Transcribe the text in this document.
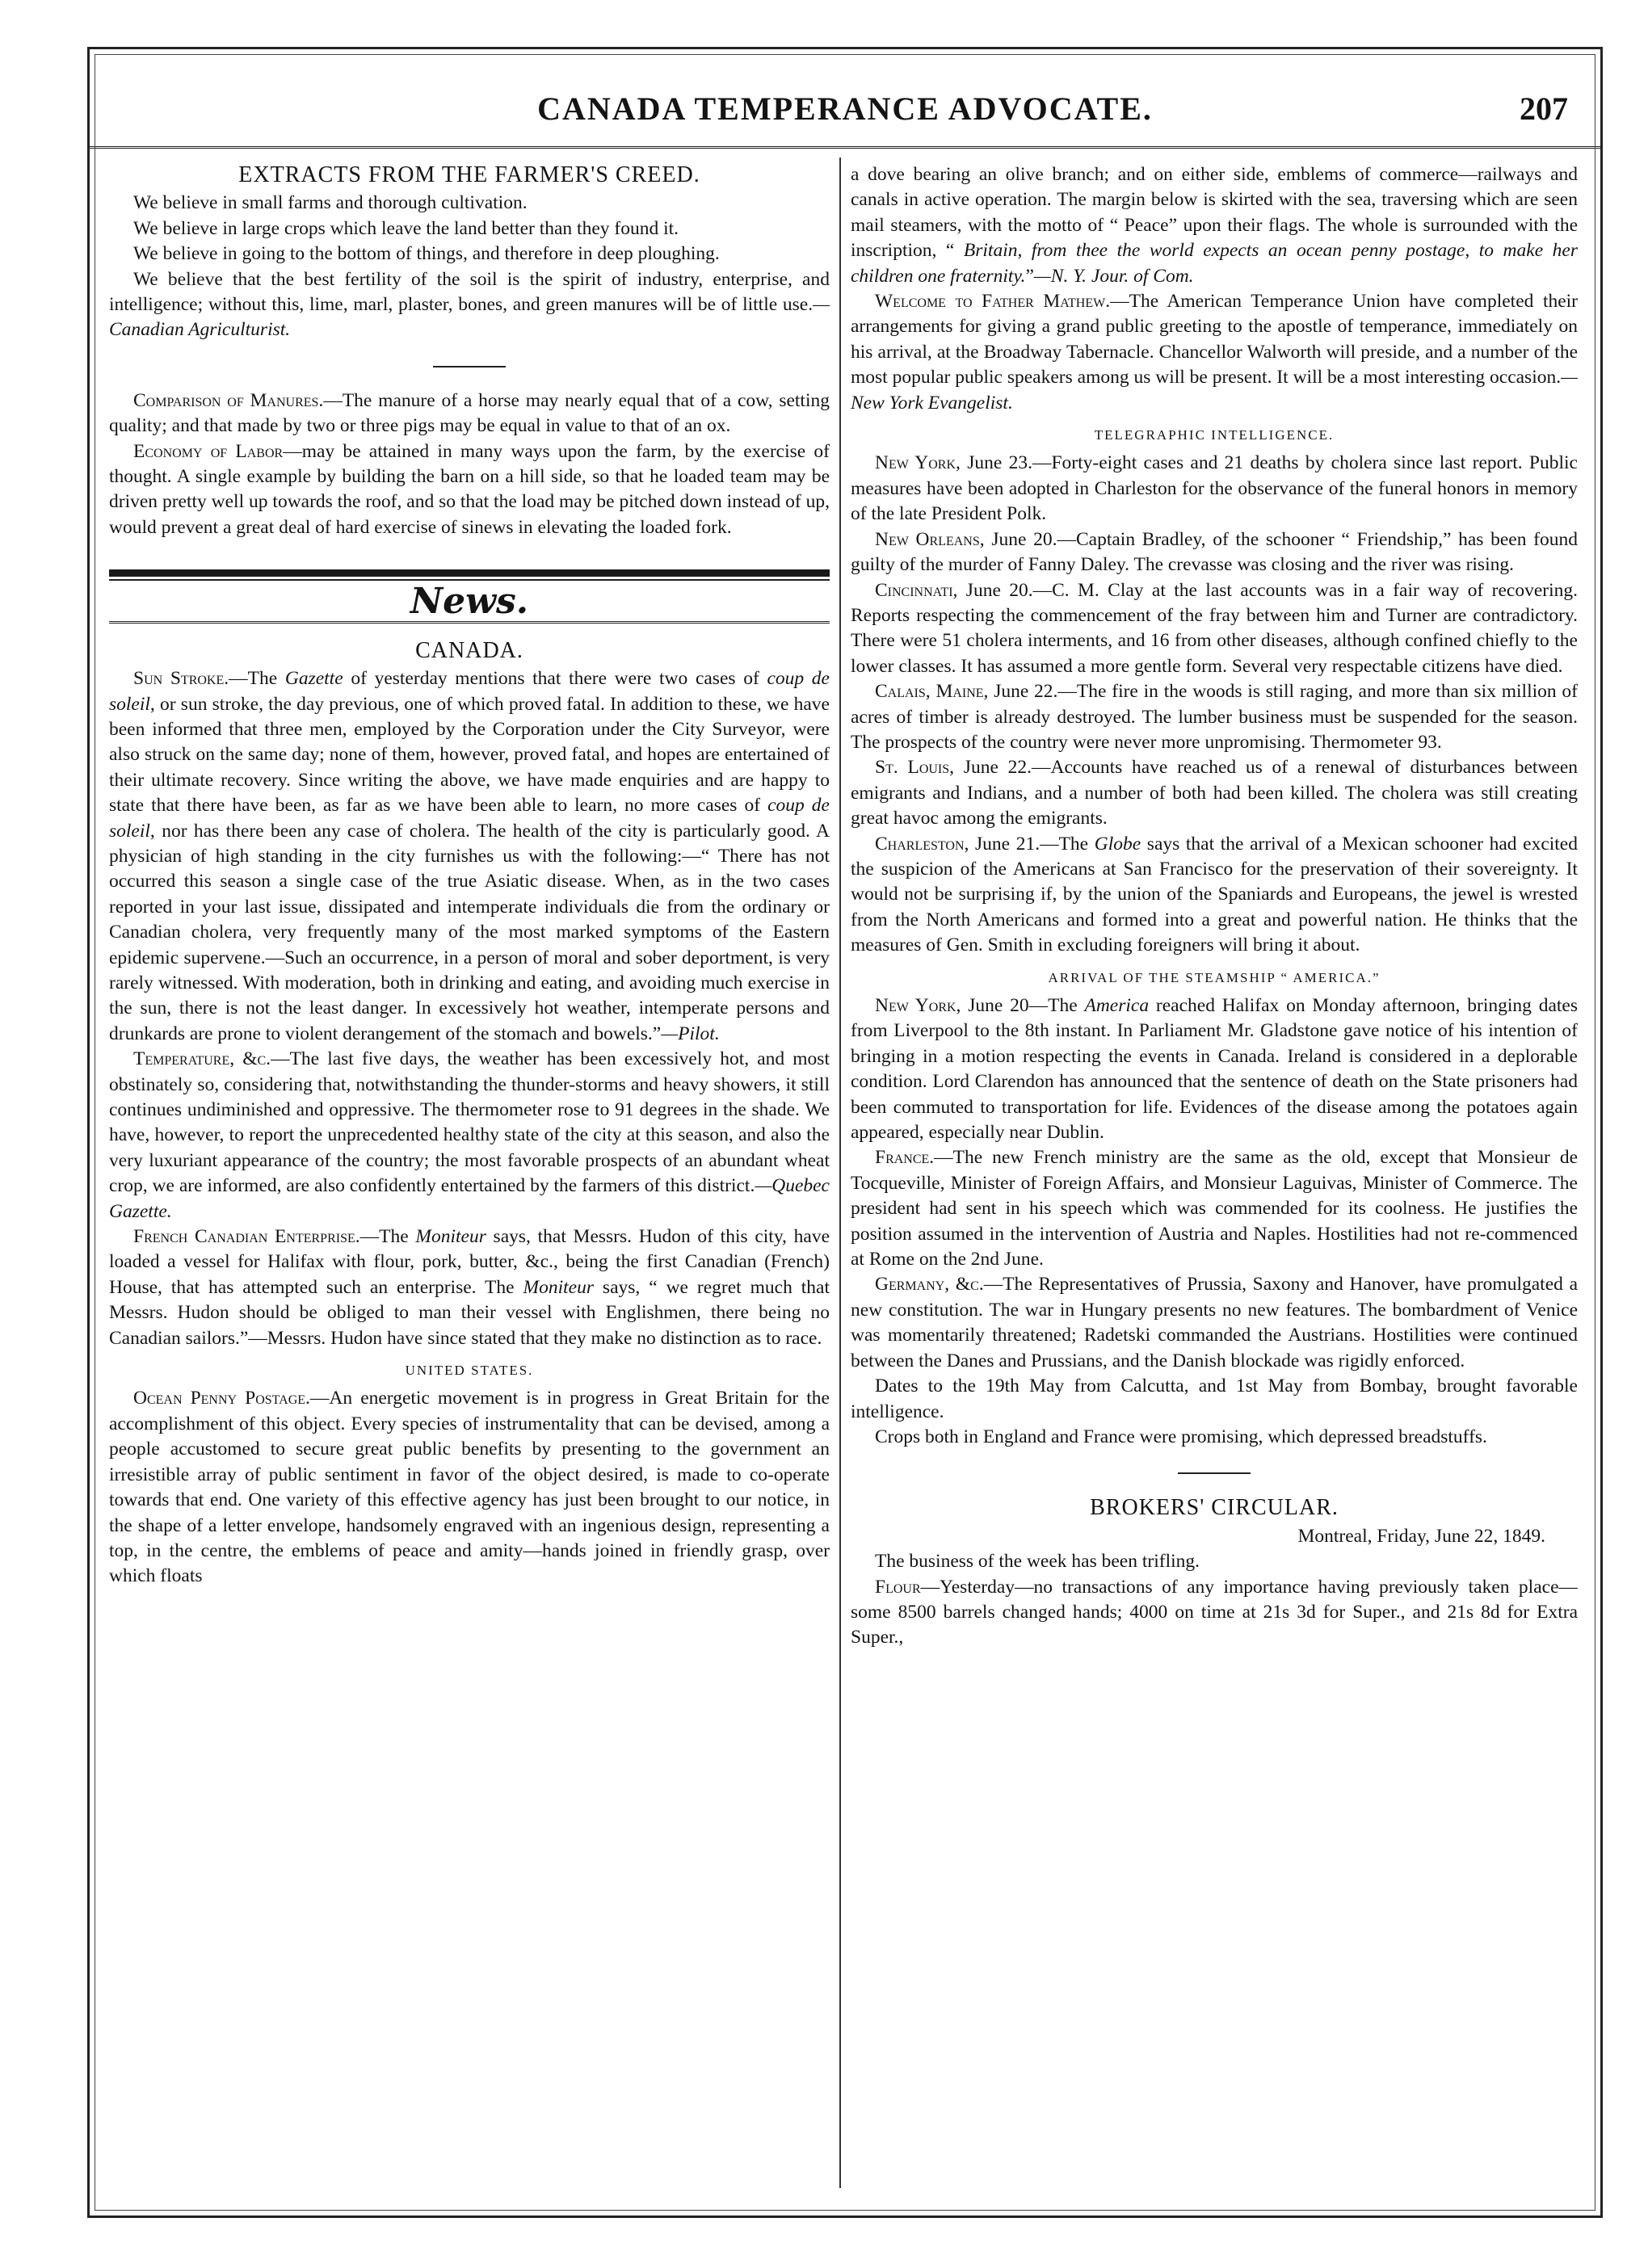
CANADA TEMPERANCE ADVOCATE.	207
EXTRACTS FROM THE FARMER'S CREED.

We believe in small farms and thorough cultivation.

We believe in large crops which leave the land better than they found it.

We believe in going to the bottom of things, and therefore in deep ploughing.

We believe that the best fertility of the soil is the spirit of industry, enterprise, and intelligence; without this, lime, marl, plaster, bones, and green manures will be of little use.—Canadian Agriculturist.

Comparison of Manures.—The manure of a horse may nearly equal that of a cow, setting quality; and that made by two or three pigs may be equal in value to that of an ox.

Economy of Labor—may be attained in many ways upon the farm, by the exercise of thought. A single example by building the barn on a hill side, so that he loaded team may be driven pretty well up towards the roof, and so that the load may be pitched down instead of up, would prevent a great deal of hard exercise of sinews in elevating the loaded fork.

News.
CANADA.

Sun Stroke.—The Gazette of yesterday mentions that there were two cases of coup de soleil, or sun stroke, the day previous, one of which proved fatal. In addition to these, we have been informed that three men, employed by the Corporation under the City Surveyor, were also struck on the same day; none of them, however, proved fatal, and hopes are entertained of their ultimate recovery. Since writing the above, we have made enquiries and are happy to state that there have been, as far as we have been able to learn, no more cases of coup de soleil, nor has there been any case of cholera. The health of the city is particularly good. A physician of high standing in the city furnishes us with the following:—“ There has not occurred this season a single case of the true Asiatic disease. When, as in the two cases reported in your last issue, dissipated and intemperate individuals die from the ordinary or Canadian cholera, very frequently many of the most marked symptoms of the Eastern epidemic supervene.—Such an occurrence, in a person of moral and sober deportment, is very rarely witnessed. With moderation, both in drinking and eating, and avoiding much exercise in the sun, there is not the least danger. In excessively hot weather, intemperate persons and drunkards are prone to violent derangement of the stomach and bowels.”—Pilot.

Temperature, &c.—The last five days, the weather has been excessively hot, and most obstinately so, considering that, notwithstanding the thunder-storms and heavy showers, it still continues undiminished and oppressive. The thermometer rose to 91 degrees in the shade. We have, however, to report the unprecedented healthy state of the city at this season, and also the very luxuriant appearance of the country; the most favorable prospects of an abundant wheat crop, we are informed, are also confidently entertained by the farmers of this district.—Quebec Gazette.

French Canadian Enterprise.—The Moniteur says, that Messrs. Hudon of this city, have loaded a vessel for Halifax with flour, pork, butter, &c., being the first Canadian (French) House, that has attempted such an enterprise. The Moniteur says, “ we regret much that Messrs. Hudon should be obliged to man their vessel with Englishmen, there being no Canadian sailors.”—Messrs. Hudon have since stated that they make no distinction as to race.

UNITED STATES.

Ocean Penny Postage.—An energetic movement is in progress in Great Britain for the accomplishment of this object. Every species of instrumentality that can be devised, among a people accustomed to secure great public benefits by presenting to the government an irresistible array of public sentiment in favor of the object desired, is made to co-operate towards that end. One variety of this effective agency has just been brought to our notice, in the shape of a letter envelope, handsomely engraved with an ingenious design, representing a top, in the centre, the emblems of peace and amity—hands joined in friendly grasp, over which floats

a dove bearing an olive branch; and on either side, emblems of commerce—railways and canals in active operation. The margin below is skirted with the sea, traversing which are seen mail steamers, with the motto of “ Peace” upon their flags. The whole is surrounded with the inscription, “ Britain, from thee the world expects an ocean penny postage, to make her children one fraternity.”—N. Y. Jour. of Com.

Welcome to Father Mathew.—The American Temperance Union have completed their arrangements for giving a grand public greeting to the apostle of temperance, immediately on his arrival, at the Broadway Tabernacle. Chancellor Walworth will preside, and a number of the most popular public speakers among us will be present. It will be a most interesting occasion.—New York Evangelist.

TELEGRAPHIC INTELLIGENCE.

New York, June 23.—Forty-eight cases and 21 deaths by cholera since last report. Public measures have been adopted in Charleston for the observance of the funeral honors in memory of the late President Polk.

New Orleans, June 20.—Captain Bradley, of the schooner “ Friendship,” has been found guilty of the murder of Fanny Daley. The crevasse was closing and the river was rising.

Cincinnati, June 20.—C. M. Clay at the last accounts was in a fair way of recovering. Reports respecting the commencement of the fray between him and Turner are contradictory. There were 51 cholera interments, and 16 from other diseases, although confined chiefly to the lower classes. It has assumed a more gentle form. Several very respectable citizens have died.

Calais, Maine, June 22.—The fire in the woods is still raging, and more than six million of acres of timber is already destroyed. The lumber business must be suspended for the season. The prospects of the country were never more unpromising. Thermometer 93.

St. Louis, June 22.—Accounts have reached us of a renewal of disturbances between emigrants and Indians, and a number of both had been killed. The cholera was still creating great havoc among the emigrants.

Charleston, June 21.—The Globe says that the arrival of a Mexican schooner had excited the suspicion of the Americans at San Francisco for the preservation of their sovereignty. It would not be surprising if, by the union of the Spaniards and Europeans, the jewel is wrested from the North Americans and formed into a great and powerful nation. He thinks that the measures of Gen. Smith in excluding foreigners will bring it about.

ARRIVAL OF THE STEAMSHIP “ AMERICA.”

New York, June 20—The America reached Halifax on Monday afternoon, bringing dates from Liverpool to the 8th instant. In Parliament Mr. Gladstone gave notice of his intention of bringing in a motion respecting the events in Canada. Ireland is considered in a deplorable condition. Lord Clarendon has announced that the sentence of death on the State prisoners had been commuted to transportation for life. Evidences of the disease among the potatoes again appeared, especially near Dublin.

France.—The new French ministry are the same as the old, except that Monsieur de Tocqueville, Minister of Foreign Affairs, and Monsieur Laguivas, Minister of Commerce. The president had sent in his speech which was commended for its coolness. He justifies the position assumed in the intervention of Austria and Naples. Hostilities had not re-commenced at Rome on the 2nd June.

Germany, &c.—The Representatives of Prussia, Saxony and Hanover, have promulgated a new constitution. The war in Hungary presents no new features. The bombardment of Venice was momentarily threatened; Radetski commanded the Austrians. Hostilities were continued between the Danes and Prussians, and the Danish blockade was rigidly enforced.

Dates to the 19th May from Calcutta, and 1st May from Bombay, brought favorable intelligence.

Crops both in England and France were promising, which depressed breadstuffs.

BROKERS' CIRCULAR.

Montreal, Friday, June 22, 1849.

The business of the week has been trifling.

Flour—Yesterday—no transactions of any importance having previously taken place—some 8500 barrels changed hands; 4000 on time at 21s 3d for Super., and 21s 8d for Extra Super.,
